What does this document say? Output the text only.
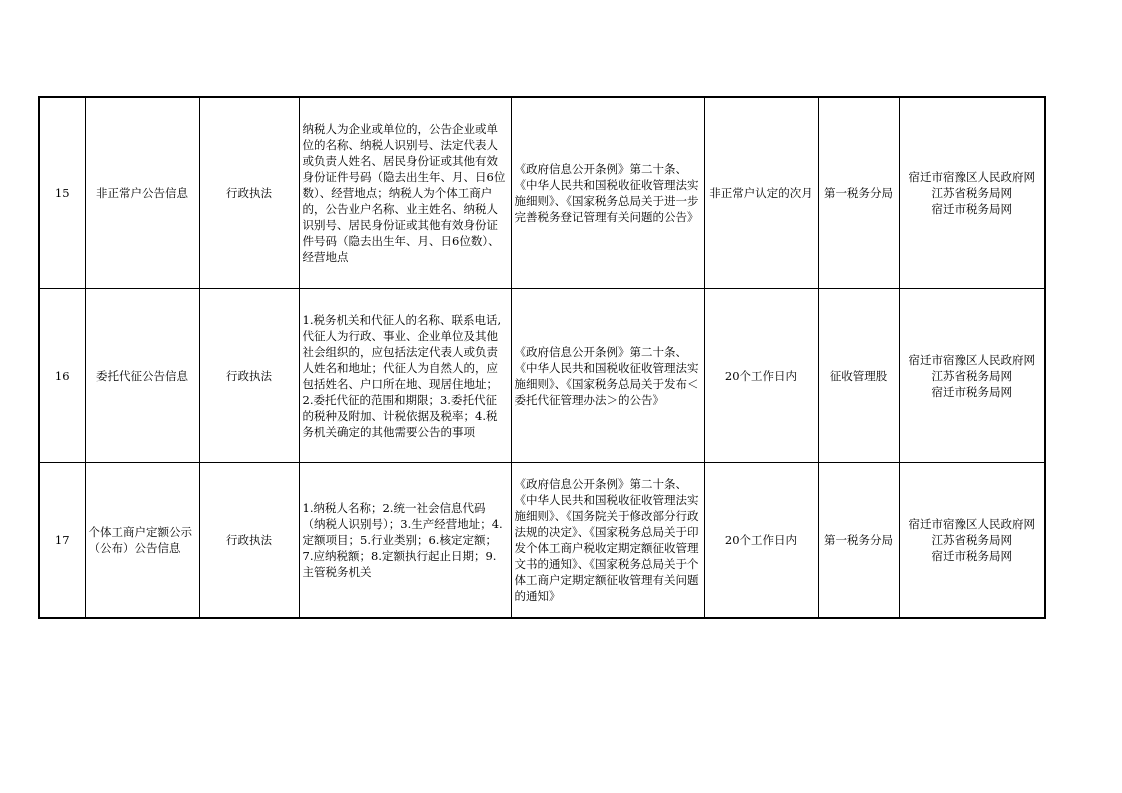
15	非正常户公告信息	行政执法	纳税人为企业或单位的，公告企业或单位的名称、纳税人识别号、法定代表人或负责人姓名、居民身份证或其他有效身份证件号码（隐去出生年、月、日6位数）、经营地点；纳税人为个体工商户的，公告业户名称、业主姓名、纳税人识别号、居民身份证或其他有效身份证件号码（隐去出生年、月、日6位数）、经营地点	《政府信息公开条例》第二十条、《中华人民共和国税收征收管理法实施细则》、《国家税务总局关于进一步完善税务登记管理有关问题的公告》	非正常户认定的次月	第一税务分局	宿迁市宿豫区人民政府网
江苏省税务局网
宿迁市税务局网
16	委托代征公告信息	行政执法	1.税务机关和代征人的名称、联系电话,代征人为行政、事业、企业单位及其他社会组织的，应包括法定代表人或负责人姓名和地址；代征人为自然人的，应包括姓名、户口所在地、现居住地址；2.委托代征的范围和期限；3.委托代征的税种及附加、计税依据及税率；4.税务机关确定的其他需要公告的事项	《政府信息公开条例》第二十条、《中华人民共和国税收征收管理法实施细则》、《国家税务总局关于发布＜委托代征管理办法＞的公告》	20个工作日内	征收管理股	宿迁市宿豫区人民政府网
江苏省税务局网
宿迁市税务局网
17	个体工商户定额公示（公布）公告信息	行政执法	1.纳税人名称；2.统一社会信息代码（纳税人识别号）；3.生产经营地址；4.定额项目；5.行业类别；6.核定定额；7.应纳税额；8.定额执行起止日期；9.主管税务机关	《政府信息公开条例》第二十条、《中华人民共和国税收征收管理法实施细则》、《国务院关于修改部分行政法规的决定》、《国家税务总局关于印发个体工商户税收定期定额征收管理文书的通知》、《国家税务总局关于个体工商户定期定额征收管理有关问题的通知》	20个工作日内	第一税务分局	宿迁市宿豫区人民政府网
江苏省税务局网
宿迁市税务局网
